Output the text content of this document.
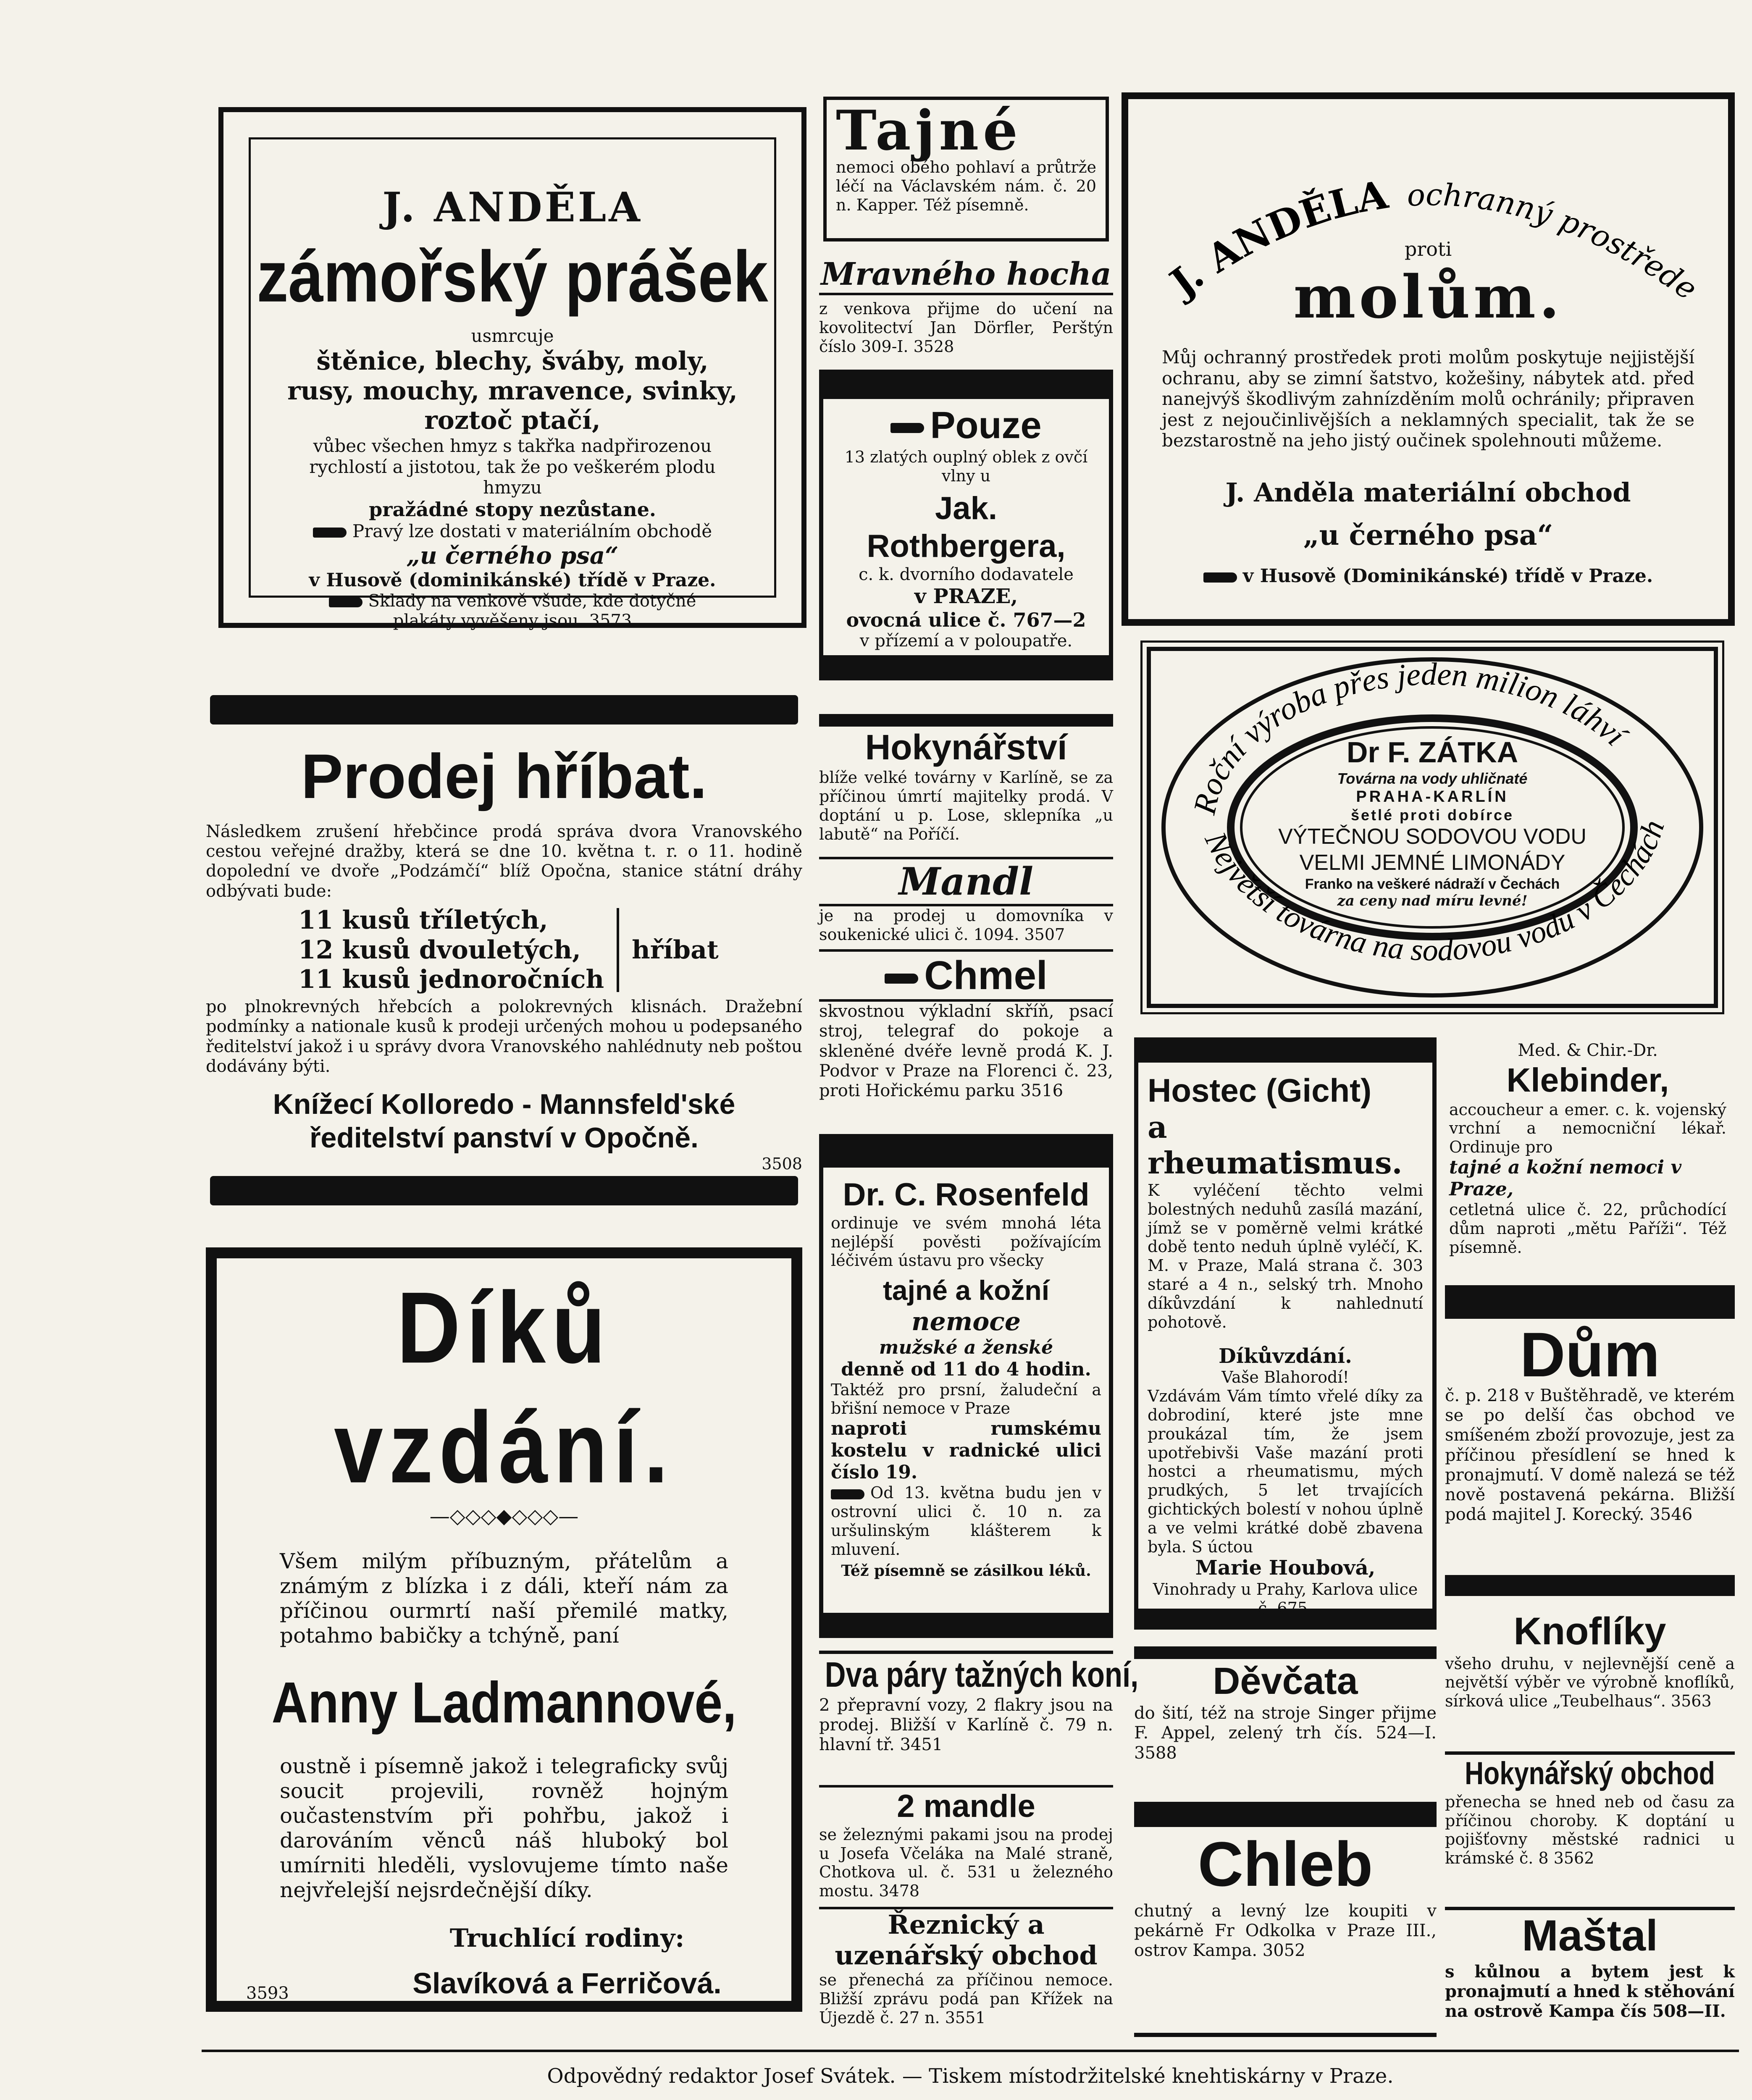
J. ANDĚLA

zámořský prášek

usmrcuje

štěnice, blechy, šváby, moly, rusy, mouchy, mravence, svinky, roztoč ptačí,

vůbec všechen hmyz s takřka nadpřirozenou rychlostí a jistotou, tak že po veškerém plodu hmyzu

pražádné stopy nezůstane.

Pravý lze dostati v materiálním obchodě

„u černého psa“

v Husově (dominikánské) třídě v Praze.

Sklady na venkově všude, kde dotyčné plakáty vyvěšeny jsou. 3573

Prodej hříbat.

Následkem zrušení hřebčince prodá správa dvora Vranovského cestou veřejné dražby, která se dne 10. května t. r. o 11. hodině dopolední ve dvoře „Podzámčí“ blíž Opočna, stanice státní dráhy odbývati bude:

11 kusů tříletých,

12 kusů dvouletých,

11 kusů jednoročních

hříbat

po plnokrevných hřebcích a polokrevných klisnách. Dražební podmínky a nationale kusů k prodeji určených mohou u podepsaného ředitelství jakož i u správy dvora Vranovského nahlédnuty neb poštou dodávány býti.

Knížecí Kolloredo - Mannsfeld'ské ředitelství panství v Opočně.

3508

Díků vzdání.

—◇◇◇◆◇◇◇—

Všem milým příbuzným, přátelům a známým z blízka i z dáli, kteří nám za příčinou ourmrtí naší přemilé matky, potahmo babičky a tchýně, paní

Anny Ladmannové,

oustně i písemně jakož i telegraficky svůj soucit projevili, rovněž hojným oučastenstvím při pohřbu, jakož i darováním věnců náš hluboký bol umírniti hleděli, vyslovujeme tímto naše nejvřelejší nejsrdečnější díky.

Truchlící rodiny:

Slavíková a Ferričová.

3593

Tajné

nemoci obého pohlaví a průtrže léčí na Václavském nám. č. 20 n. Kapper. Též písemně.

Mravného hocha

z venkova přijme do učení na kovolitectví Jan Dörfler, Perštýn číslo 309-I. 3528

Pouze

13 zlatých ouplný oblek z ovčí vlny u

Jak. Rothbergera,

c. k. dvorního dodavatele

v PRAZE,

ovocná ulice č. 767—2

v přízemí a v poloupatře.

Hokynářství

blíže velké továrny v Karlíně, se za příčinou úmrtí majitelky prodá. V doptání u p. Lose, sklepníka „u labutě“ na Poříčí.

Mandl

je na prodej u domovníka v soukenické ulici č. 1094. 3507

Chmel

skvostnou výkladní skříň, psací stroj, telegraf do pokoje a skleněné dvéře levně prodá K. J. Podvor v Praze na Florenci č. 23, proti Hořickému parku 3516

Dr. C. Rosenfeld

ordinuje ve svém mnohá léta nejlépší pověsti požívajícím léčivém ústavu pro všecky

tajné a kožní

nemoce

mužské a ženské

denně od 11 do 4 hodin.

Taktéž pro prsní, žaludeční a břišní nemoce v Praze

naproti rumskému kostelu v radnické ulici číslo 19.

Od 13. května budu jen v ostrovní ulici č. 10 n. za uršulinským klášterem k mluvení.

Též písemně se zásilkou léků.

Dva páry tažných koní,

2 přepravní vozy, 2 flakry jsou na prodej. Bližší v Karlíně č. 79 n. hlavní tř. 3451

2 mandle

se železnými pakami jsou na prodej u Josefa Včeláka na Malé straně, Chotkova ul. č. 531 u železného mostu. 3478

Řeznický a uzenářský obchod

se přenechá za příčinou nemoce. Bližší zprávu podá pan Křížek na Újezdě č. 27 n. 3551

J. ANDĚLA ochranný prostřede

proti

molům.

Můj ochranný prostředek proti molům poskytuje nejjistější ochranu, aby se zimní šatstvo, kožešiny, nábytek atd. před nanejvýš škodlivým zahnízděním molů ochránily; připraven jest z nejoučinlivějších a neklamných specialit, tak že se bezstarostně na jeho jistý oučinek spolehnouti můžeme.

J. Anděla materiální obchod

„u černého psa“

v Husově (Dominikánské) třídě v Praze.

Roční výroba přes jeden milion láhví
Největší továrna na sodovou vodu v Čechách

Dr F. ZÁTKA

Továrna na vody uhličnaté

PRAHA-KARLÍN

šetlé proti dobírce

VÝTEČNOU SODOVOU VODU

VELMI JEMNÉ LIMONÁDY

Franko na veškeré nádraží v Čechách

za ceny nad míru levné!

Hostec (Gicht)

a rheumatismus.

K vyléčení těchto velmi bolestných neduhů zasílá mazání, jímž se v poměrně velmi krátké době tento neduh úplně vyléčí, K. M. v Praze, Malá strana č. 303 staré a 4 n., selský trh. Mnoho díkůvzdání k nahlednutí pohotově.

Díkůvzdání.

Vaše Blahorodí!

Vzdávám Vám tímto vřelé díky za dobrodiní, které jste mne proukázal tím, že jsem upotřebivši Vaše mazání proti hostci a rheumatismu, mých prudkých, 5 let trvajících gichtických bolestí v nohou úplně a ve velmi krátké době zbavena byla. S úctou

Marie Houbová,

Vinohrady u Prahy, Karlova ulice č. 675.

Med. & Chir.-Dr.

Klebinder,

accoucheur a emer. c. k. vojenský vrchní a nemocniční lékař. Ordinuje pro

tajné a kožní nemoci v Praze,

cetletná ulice č. 22, průchodící dům naproti „mětu Paříži“. Též písemně.

Dům

č. p. 218 v Buštěhradě, ve kterém se po delší čas obchod ve smíšeném zboží provozuje, jest za příčinou přesídlení se hned k pronajmutí. V domě nalezá se též nově postavená pekárna. Bližší podá majitel J. Korecký. 3546

Děvčata

do šití, též na stroje Singer přijme F. Appel, zelený trh čís. 524—I. 3588

Chleb

chutný a levný lze koupiti v pekárně Fr Odkolka v Praze III., ostrov Kampa. 3052

Knoflíky

všeho druhu, v nejlevnější ceně a největší výběr ve výrobně knoflíků, sírková ulice „Teubelhaus“. 3563

Hokynářský obchod

přenecha se hned neb od času za příčinou choroby. K doptání u pojišťovny městské radnici u krámské č. 8 3562

Maštal

s kůlnou a bytem jest k pronajmutí a hned k stěhování na ostrově Kampa čís 508—II.

Odpovědný redaktor Josef Svátek. — Tiskem místodržitelské knehtiskárny v Praze.
